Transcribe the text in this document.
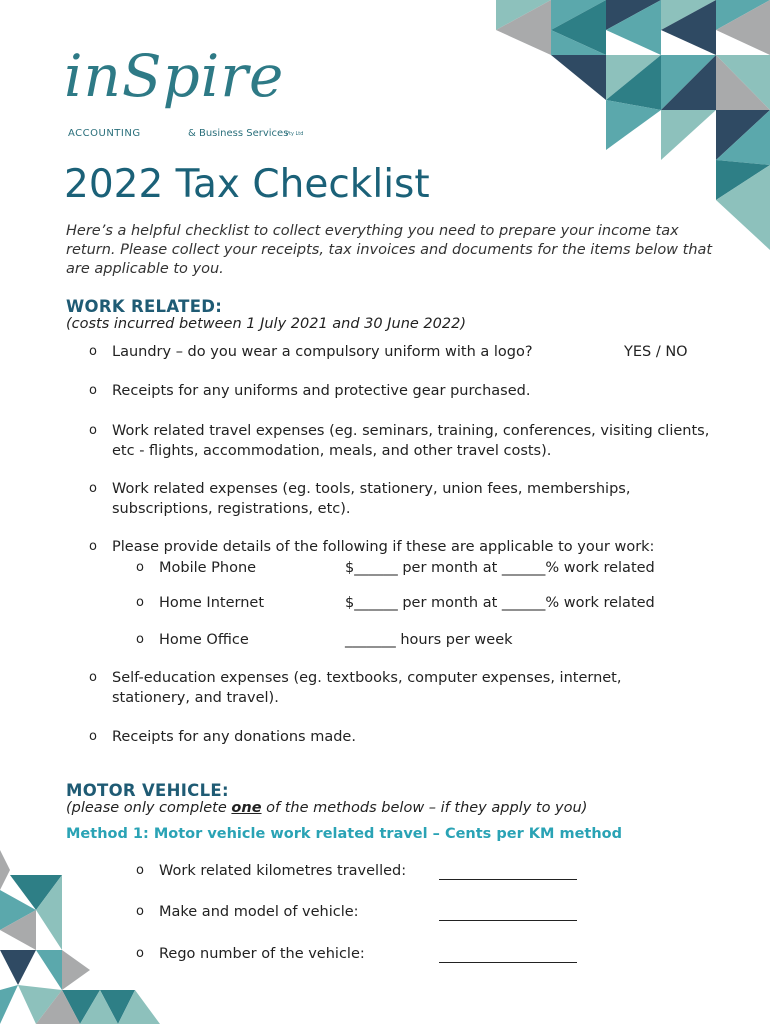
inSpire
ACCOUNTING	& Business Services
Pty Ltd
2022 Tax Checklist
Here’s a helpful checklist to collect everything you need to prepare your income tax return. Please collect your receipts, tax invoices and documents for the items below that are applicable to you.
WORK RELATED:
(costs incurred between 1 July 2021 and 30 June 2022)
o Laundry – do you wear a compulsory uniform with a logo?	YES / NO
o Receipts for any uniforms and protective gear purchased.
o Work related travel expenses (eg. seminars, training, conferences, visiting clients, etc - flights, accommodation, meals, and other travel costs).
o Work related expenses (eg. tools, stationery, union fees, memberships, subscriptions, registrations, etc).
o Please provide details of the following if these are applicable to your work:
o Mobile Phone	$______ per month at ______% work related
o Home Internet	$______ per month at ______% work related
o Home Office	_______ hours per week
o Self-education expenses (eg. textbooks, computer expenses, internet, stationery, and travel).
o Receipts for any donations made.
MOTOR VEHICLE:
(please only complete one of the methods below – if they apply to you)
Method 1: Motor vehicle work related travel – Cents per KM method
o Work related kilometres travelled:
o Make and model of vehicle:
o Rego number of the vehicle:
